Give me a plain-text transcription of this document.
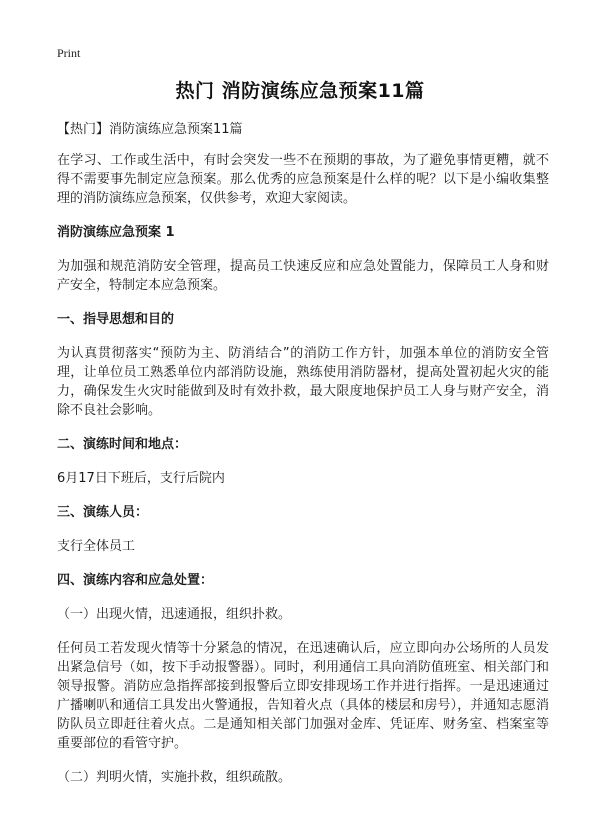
Print
热门 消防演练应急预案11篇

【热门】消防演练应急预案11篇

在学习、工作或生活中，有时会突发一些不在预期的事故，为了避免事情更糟，就不得不需要事先制定应急预案。那么优秀的应急预案是什么样的呢？以下是小编收集整理的消防演练应急预案，仅供参考，欢迎大家阅读。

消防演练应急预案 1

为加强和规范消防安全管理，提高员工快速反应和应急处置能力，保障员工人身和财产安全，特制定本应急预案。

一、指导思想和目的

为认真贯彻落实“预防为主、防消结合”的消防工作方针，加强本单位的消防安全管理，让单位员工熟悉单位内部消防设施，熟练使用消防器材，提高处置初起火灾的能力，确保发生火灾时能做到及时有效扑救，最大限度地保护员工人身与财产安全，消除不良社会影响。

二、演练时间和地点：

6月17日下班后，支行后院内

三、演练人员：

支行全体员工

四、演练内容和应急处置：

（一）出现火情，迅速通报，组织扑救。

任何员工若发现火情等十分紧急的情况，在迅速确认后，应立即向办公场所的人员发出紧急信号（如，按下手动报警器）。同时，利用通信工具向消防值班室、相关部门和领导报警。消防应急指挥部接到报警后立即安排现场工作并进行指挥。一是迅速通过广播喇叭和通信工具发出火警通报，告知着火点（具体的楼层和房号），并通知志愿消防队员立即赶往着火点。二是通知相关部门加强对金库、凭证库、财务室、档案室等重要部位的看管守护。

（二）判明火情，实施扑救，组织疏散。
